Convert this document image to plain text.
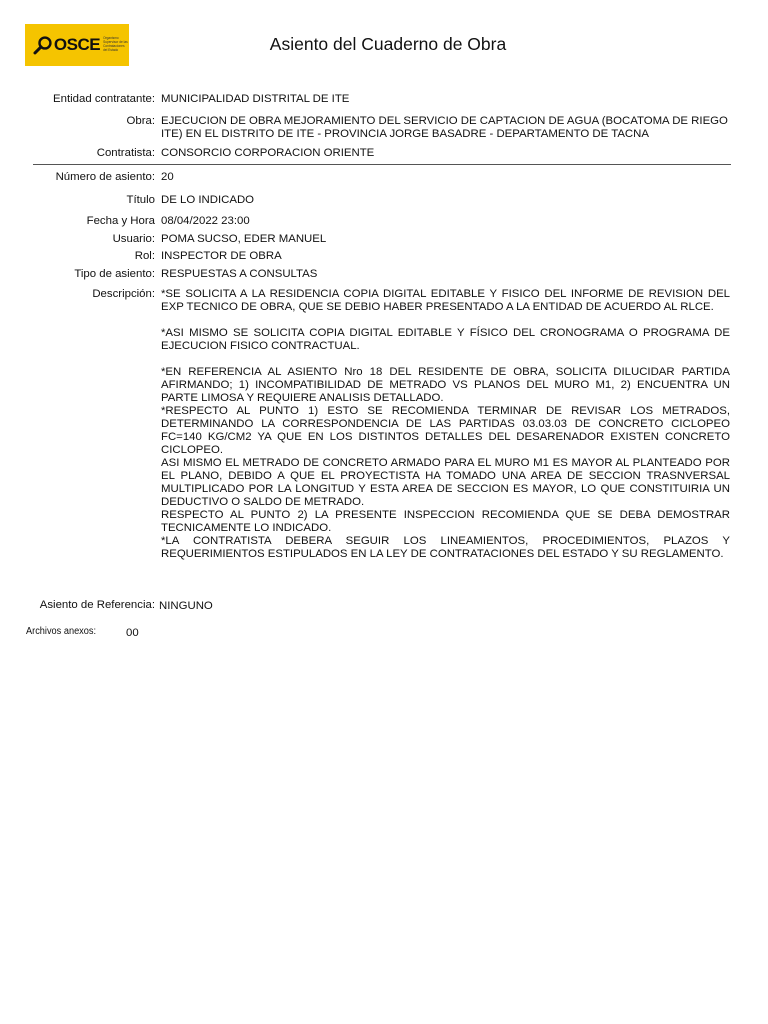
OSCE Organismo Supervisor de las Contrataciones del Estado	Asiento del Cuaderno de Obra
Entidad contratante: MUNICIPALIDAD DISTRITAL DE ITE
Obra: EJECUCION DE OBRA MEJORAMIENTO DEL SERVICIO DE CAPTACION DE AGUA (BOCATOMA DE RIEGO ITE) EN EL DISTRITO DE ITE - PROVINCIA JORGE BASADRE - DEPARTAMENTO DE TACNA
Contratista: CONSORCIO CORPORACION ORIENTE
Número de asiento: 20
Título DE LO INDICADO
Fecha y Hora 08/04/2022 23:00
Usuario: POMA SUCSO, EDER MANUEL
Rol: INSPECTOR DE OBRA
Tipo de asiento: RESPUESTAS A CONSULTAS
Descripción: *SE SOLICITA A LA RESIDENCIA COPIA DIGITAL EDITABLE Y FISICO DEL INFORME DE REVISION DEL EXP TECNICO DE OBRA, QUE SE DEBIO HABER PRESENTADO A LA ENTIDAD DE ACUERDO AL RLCE.

*ASI MISMO SE SOLICITA COPIA DIGITAL EDITABLE Y FÍSICO DEL CRONOGRAMA O PROGRAMA DE EJECUCION FISICO CONTRACTUAL.

*EN REFERENCIA AL ASIENTO Nro 18 DEL RESIDENTE DE OBRA, SOLICITA DILUCIDAR PARTIDA AFIRMANDO; 1) INCOMPATIBILIDAD DE METRADO VS PLANOS DEL MURO M1, 2) ENCUENTRA UN PARTE LIMOSA Y REQUIERE ANALISIS DETALLADO.

*RESPECTO AL PUNTO 1) ESTO SE RECOMIENDA TERMINAR DE REVISAR LOS METRADOS, DETERMINANDO LA CORRESPONDENCIA DE LAS PARTIDAS 03.03.03 DE CONCRETO CICLOPEO FC=140 KG/CM2 YA QUE EN LOS DISTINTOS DETALLES DEL DESARENADOR EXISTEN CONCRETO CICLOPEO.

ASI MISMO EL METRADO DE CONCRETO ARMADO PARA EL MURO M1 ES MAYOR AL PLANTEADO POR EL PLANO, DEBIDO A QUE EL PROYECTISTA HA TOMADO UNA AREA DE SECCION TRASNVERSAL MULTIPLICADO POR LA LONGITUD Y ESTA AREA DE SECCION ES MAYOR, LO QUE CONSTITUIRIA UN DEDUCTIVO O SALDO DE METRADO.

RESPECTO AL PUNTO 2) LA PRESENTE INSPECCION RECOMIENDA QUE SE DEBA DEMOSTRAR TECNICAMENTE LO INDICADO.

*LA CONTRATISTA DEBERA SEGUIR LOS LINEAMIENTOS, PROCEDIMIENTOS, PLAZOS Y REQUERIMIENTOS ESTIPULADOS EN LA LEY DE CONTRATACIONES DEL ESTADO Y SU REGLAMENTO.

Asiento de Referencia: NINGUNO
Archivos anexos:	00
